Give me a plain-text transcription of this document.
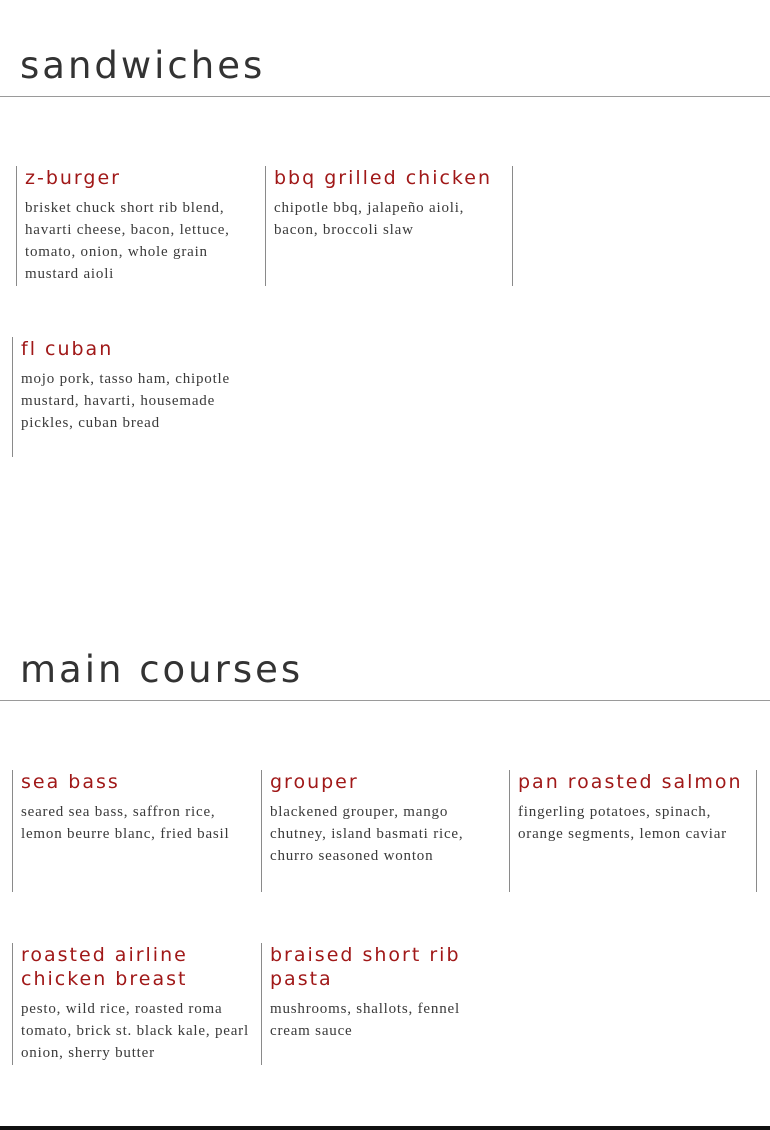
sandwiches
z-burger

brisket chuck short rib blend, havarti cheese, bacon, lettuce, tomato, onion, whole grain mustard aioli

bbq grilled chicken

chipotle bbq, jalapeño aioli, bacon, broccoli slaw

fl cuban

mojo pork, tasso ham, chipotle mustard, havarti, housemade pickles, cuban bread

main courses
sea bass

seared sea bass, saffron rice, lemon beurre blanc, fried basil

grouper

blackened grouper, mango chutney, island basmati rice, churro seasoned wonton

pan roasted salmon

fingerling potatoes, spinach, orange segments, lemon caviar

roasted airline chicken breast

pesto, wild rice, roasted roma tomato, brick st. black kale, pearl onion, sherry butter

braised short rib pasta

mushrooms, shallots, fennel cream sauce
